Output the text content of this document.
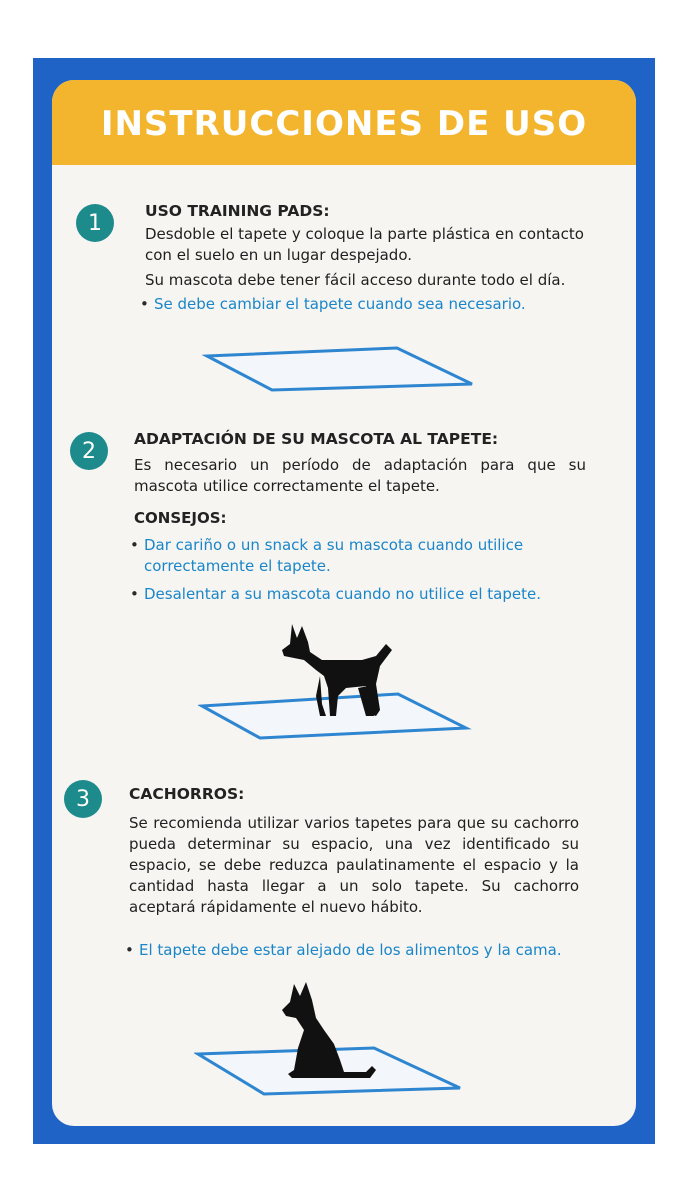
INSTRUCCIONES DE USO
1	USO TRAINING PADS:
Desdoble el tapete y coloque la parte plástica en contacto con el suelo en un lugar despejado.
Su mascota debe tener fácil acceso durante todo el día.
• Se debe cambiar el tapete cuando sea necesario.
2	ADAPTACIÓN DE SU MASCOTA AL TAPETE:
Es necesario un período de adaptación para que su mascota utilice correctamente el tapete.
CONSEJOS:
• Dar cariño o un snack a su mascota cuando utilice correctamente el tapete.
• Desalentar a su mascota cuando no utilice el tapete.
3	CACHORROS:
Se recomienda utilizar varios tapetes para que su cachorro pueda determinar su espacio, una vez identificado su espacio, se debe reduzca paulatinamente el espacio y la cantidad hasta llegar a un solo tapete. Su cachorro aceptará rápidamente el nuevo hábito.
• El tapete debe estar alejado de los alimentos y la cama.
